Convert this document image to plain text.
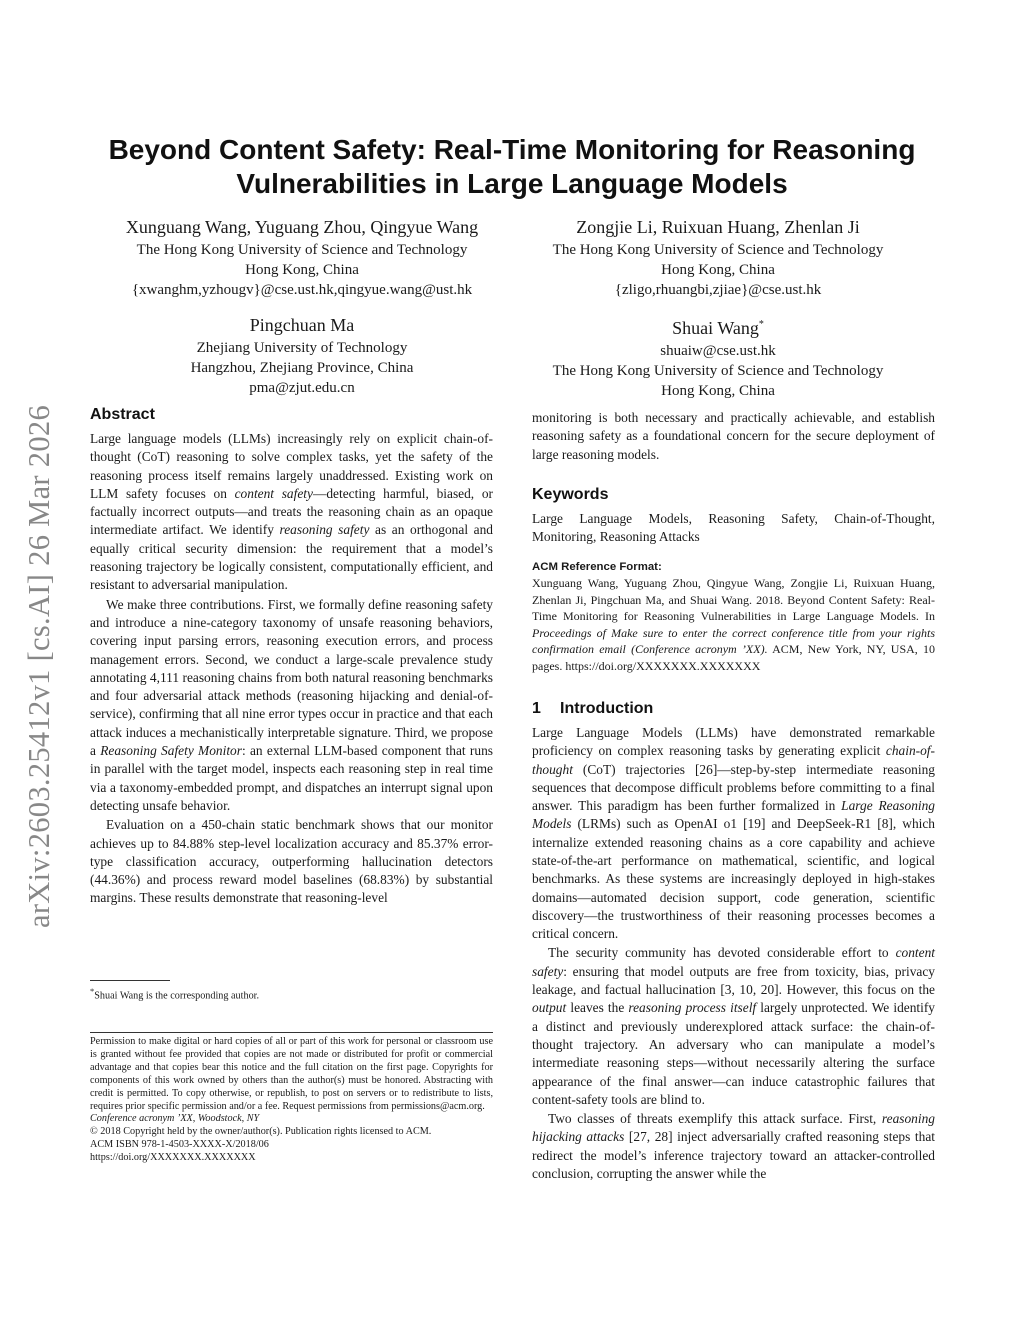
arXiv:2603.25412v1 [cs.AI] 26 Mar 2026
Beyond Content Safety: Real-Time Monitoring for Reasoning
Vulnerabilities in Large Language Models
Xunguang Wang, Yuguang Zhou, Qingyue Wang
The Hong Kong University of Science and Technology
Hong Kong, China
{xwanghm,yzhougv}@cse.ust.hk,qingyue.wang@ust.hk
Zongjie Li, Ruixuan Huang, Zhenlan Ji
The Hong Kong University of Science and Technology
Hong Kong, China
{zligo,rhuangbi,zjiae}@cse.ust.hk
Pingchuan Ma
Zhejiang University of Technology
Hangzhou, Zhejiang Province, China
pma@zjut.edu.cn
Shuai Wang*
shuaiw@cse.ust.hk
The Hong Kong University of Science and Technology
Hong Kong, China
Abstract

Large language models (LLMs) increasingly rely on explicit chain-of-thought (CoT) reasoning to solve complex tasks, yet the safety of the reasoning process itself remains largely unaddressed. Existing work on LLM safety focuses on content safety—detecting harmful, biased, or factually incorrect outputs—and treats the reasoning chain as an opaque intermediate artifact. We identify reasoning safety as an orthogonal and equally critical security dimension: the requirement that a model’s reasoning trajectory be logically consistent, computationally efficient, and resistant to adversarial manipulation.

We make three contributions. First, we formally define reasoning safety and introduce a nine-category taxonomy of unsafe reasoning behaviors, covering input parsing errors, reasoning execution errors, and process management errors. Second, we conduct a large-scale prevalence study annotating 4,111 reasoning chains from both natural reasoning benchmarks and four adversarial attack methods (reasoning hijacking and denial-of-service), confirming that all nine error types occur in practice and that each attack induces a mechanistically interpretable signature. Third, we propose a Reasoning Safety Monitor: an external LLM-based component that runs in parallel with the target model, inspects each reasoning step in real time via a taxonomy-embedded prompt, and dispatches an interrupt signal upon detecting unsafe behavior.

Evaluation on a 450-chain static benchmark shows that our monitor achieves up to 84.88% step-level localization accuracy and 85.37% error-type classification accuracy, outperforming hallucination detectors (44.36%) and process reward model baselines (68.83%) by substantial margins. These results demonstrate that reasoning-level

*Shuai Wang is the corresponding author.

Permission to make digital or hard copies of all or part of this work for personal or classroom use is granted without fee provided that copies are not made or distributed for profit or commercial advantage and that copies bear this notice and the full citation on the first page. Copyrights for components of this work owned by others than the author(s) must be honored. Abstracting with credit is permitted. To copy otherwise, or republish, to post on servers or to redistribute to lists, requires prior specific permission and/or a fee. Request permissions from permissions@acm.org.

Conference acronym ’XX, Woodstock, NY

© 2018 Copyright held by the owner/author(s). Publication rights licensed to ACM.

ACM ISBN 978-1-4503-XXXX-X/2018/06

https://doi.org/XXXXXXX.XXXXXXX

monitoring is both necessary and practically achievable, and establish reasoning safety as a foundational concern for the secure deployment of large reasoning models.

Keywords

Large Language Models, Reasoning Safety, Chain-of-Thought, Monitoring, Reasoning Attacks

ACM Reference Format:

Xunguang Wang, Yuguang Zhou, Qingyue Wang, Zongjie Li, Ruixuan Huang, Zhenlan Ji, Pingchuan Ma, and Shuai Wang. 2018. Beyond Content Safety: Real-Time Monitoring for Reasoning Vulnerabilities in Large Language Models. In Proceedings of Make sure to enter the correct conference title from your rights confirmation email (Conference acronym ’XX). ACM, New York, NY, USA, 10 pages. https://doi.org/XXXXXXX.XXXXXXX

1 Introduction

Large Language Models (LLMs) have demonstrated remarkable proficiency on complex reasoning tasks by generating explicit chain-of-thought (CoT) trajectories [26]—step-by-step intermediate reasoning sequences that decompose difficult problems before committing to a final answer. This paradigm has been further formalized in Large Reasoning Models (LRMs) such as OpenAI o1 [19] and DeepSeek-R1 [8], which internalize extended reasoning chains as a core capability and achieve state-of-the-art performance on mathematical, scientific, and logical benchmarks. As these systems are increasingly deployed in high-stakes domains—automated decision support, code generation, scientific discovery—the trustworthiness of their reasoning processes becomes a critical concern.

The security community has devoted considerable effort to content safety: ensuring that model outputs are free from toxicity, bias, privacy leakage, and factual hallucination [3, 10, 20]. However, this focus on the output leaves the reasoning process itself largely unprotected. We identify a distinct and previously underexplored attack surface: the chain-of-thought trajectory. An adversary who can manipulate a model’s intermediate reasoning steps—without necessarily altering the surface appearance of the final answer—can induce catastrophic failures that content-safety tools are blind to.

Two classes of threats exemplify this attack surface. First, reasoning hijacking attacks [27, 28] inject adversarially crafted reasoning steps that redirect the model’s inference trajectory toward an attacker-controlled conclusion, corrupting the answer while the
